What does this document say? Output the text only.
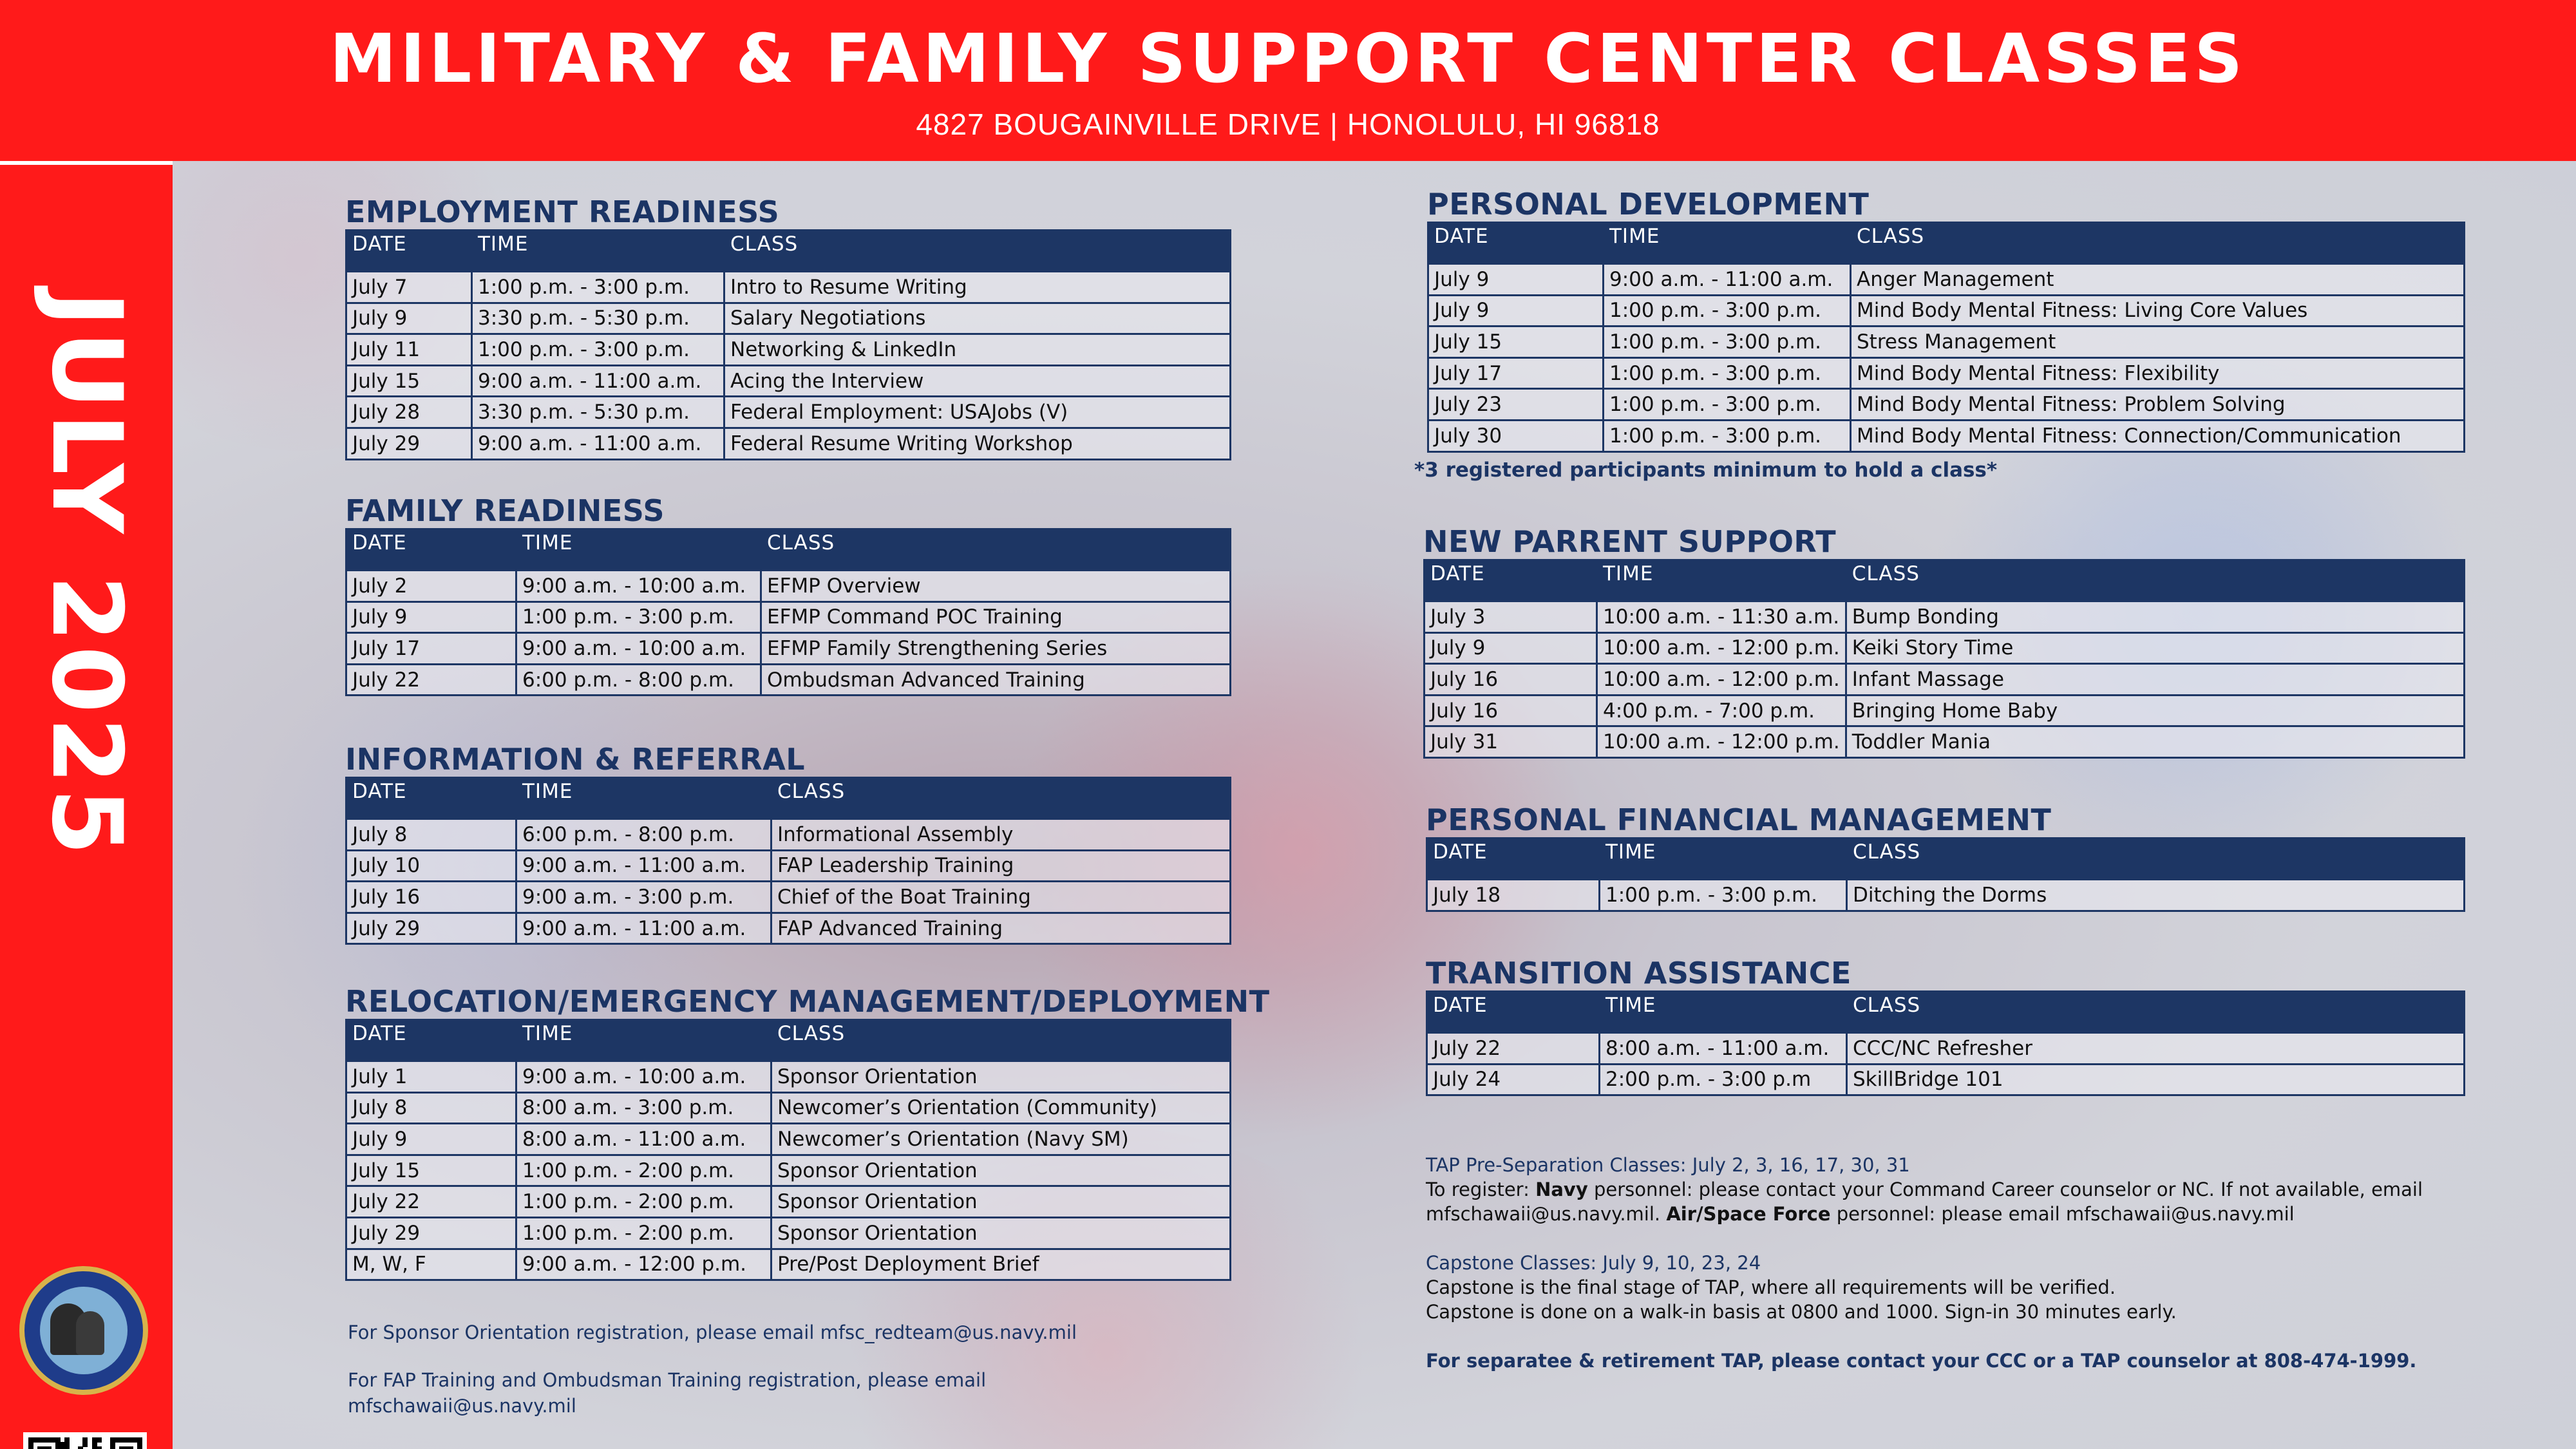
MILITARY & FAMILY SUPPORT CENTER CLASSES
4827 BOUGAINVILLE DRIVE | HONOLULU, HI 96818
JULY 2025
EMPLOYMENT READINESS
DATE	TIME	CLASS
July 7	1:00 p.m. - 3:00 p.m.	Intro to Resume Writing
July 9	3:30 p.m. - 5:30 p.m.	Salary Negotiations
July 11	1:00 p.m. - 3:00 p.m.	Networking & LinkedIn
July 15	9:00 a.m. - 11:00 a.m.	Acing the Interview
July 28	3:30 p.m. - 5:30 p.m.	Federal Employment: USAJobs (V)
July 29	9:00 a.m. - 11:00 a.m.	Federal Resume Writing Workshop
FAMILY READINESS
DATE	TIME	CLASS
July 2	9:00 a.m. - 10:00 a.m.	EFMP Overview
July 9	1:00 p.m. - 3:00 p.m.	EFMP Command POC Training
July 17	9:00 a.m. - 10:00 a.m.	EFMP Family Strengthening Series
July 22	6:00 p.m. - 8:00 p.m.	Ombudsman Advanced Training
INFORMATION & REFERRAL
DATE	TIME	CLASS
July 8	6:00 p.m. - 8:00 p.m.	Informational Assembly
July 10	9:00 a.m. - 11:00 a.m.	FAP Leadership Training
July 16	9:00 a.m. - 3:00 p.m.	Chief of the Boat Training
July 29	9:00 a.m. - 11:00 a.m.	FAP Advanced Training
RELOCATION/EMERGENCY MANAGEMENT/DEPLOYMENT
DATE	TIME	CLASS
July 1	9:00 a.m. - 10:00 a.m.	Sponsor Orientation
July 8	8:00 a.m. - 3:00 p.m.	Newcomer’s Orientation (Community)
July 9	8:00 a.m. - 11:00 a.m.	Newcomer’s Orientation (Navy SM)
July 15	1:00 p.m. - 2:00 p.m.	Sponsor Orientation
July 22	1:00 p.m. - 2:00 p.m.	Sponsor Orientation
July 29	1:00 p.m. - 2:00 p.m.	Sponsor Orientation
M, W, F	9:00 a.m. - 12:00 p.m.	Pre/Post Deployment Brief
For Sponsor Orientation registration, please email mfsc_redteam@us.navy.mil
For FAP Training and Ombudsman Training registration, please email
mfschawaii@us.navy.mil
PERSONAL DEVELOPMENT
DATE	TIME	CLASS
July 9	9:00 a.m. - 11:00 a.m.	Anger Management
July 9	1:00 p.m. - 3:00 p.m.	Mind Body Mental Fitness: Living Core Values
July 15	1:00 p.m. - 3:00 p.m.	Stress Management
July 17	1:00 p.m. - 3:00 p.m.	Mind Body Mental Fitness: Flexibility
July 23	1:00 p.m. - 3:00 p.m.	Mind Body Mental Fitness: Problem Solving
July 30	1:00 p.m. - 3:00 p.m.	Mind Body Mental Fitness: Connection/Communication
*3 registered participants minimum to hold a class*
NEW PARRENT SUPPORT
DATE	TIME	CLASS
July 3	10:00 a.m. - 11:30 a.m.	Bump Bonding
July 9	10:00 a.m. - 12:00 p.m.	Keiki Story Time
July 16	10:00 a.m. - 12:00 p.m.	Infant Massage
July 16	4:00 p.m. - 7:00 p.m.	Bringing Home Baby
July 31	10:00 a.m. - 12:00 p.m.	Toddler Mania
PERSONAL FINANCIAL MANAGEMENT
DATE	TIME	CLASS
July 18	1:00 p.m. - 3:00 p.m.	Ditching the Dorms
TRANSITION ASSISTANCE
DATE	TIME	CLASS
July 22	8:00 a.m. - 11:00 a.m.	CCC/NC Refresher
July 24	2:00 p.m. - 3:00 p.m	SkillBridge 101
TAP Pre-Separation Classes: July 2, 3, 16, 17, 30, 31
To register: Navy personnel: please contact your Command Career counselor or NC. If not available, email
mfschawaii@us.navy.mil. Air/Space Force personnel: please email mfschawaii@us.navy.mil
Capstone Classes: July 9, 10, 23, 24
Capstone is the final stage of TAP, where all requirements will be verified.
Capstone is done on a walk-in basis at 0800 and 1000. Sign-in 30 minutes early.
For separatee & retirement TAP, please contact your CCC or a TAP counselor at 808-474-1999.
